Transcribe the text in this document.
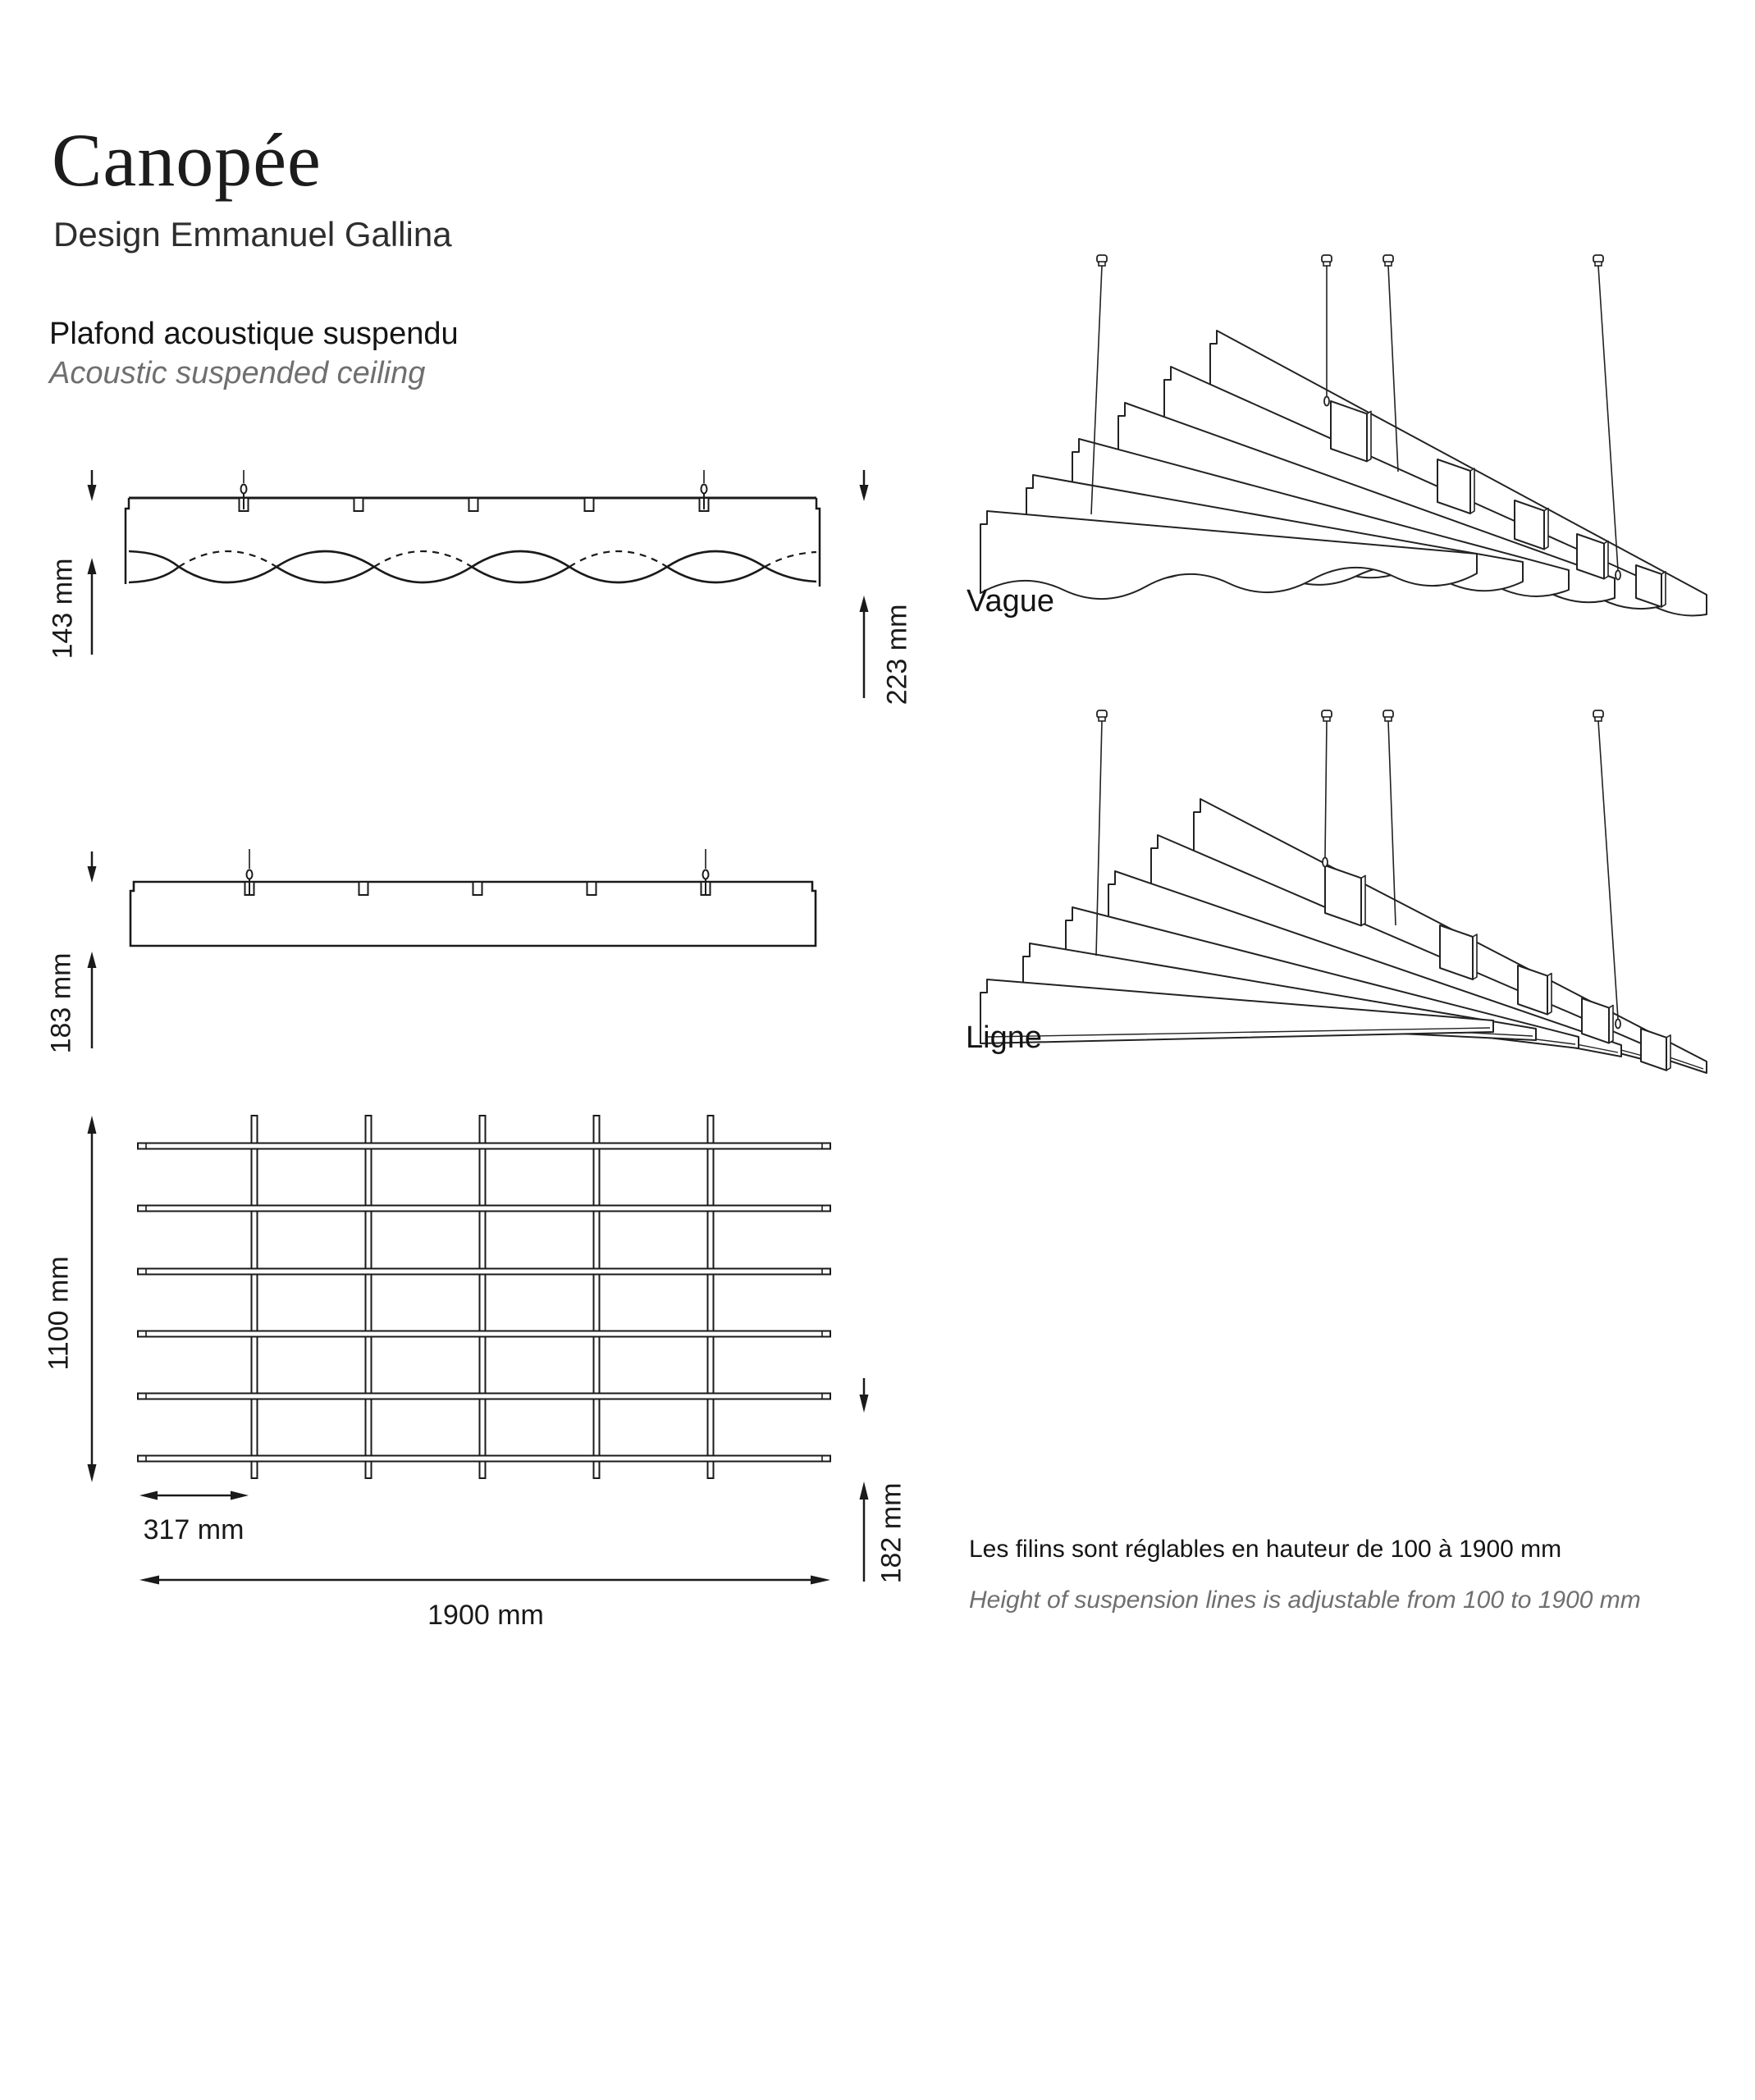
Canopée
Design Emmanuel Gallina
Plafond acoustique suspendu
Acoustic suspended ceiling
143 mm	223 mm
183 mm
1100 mm
317 mm
1900 mm
182 mm
Vague
Ligne
Les filins sont réglables en hauteur de 100 à 1900 mm
Height of suspension lines is adjustable from 100 to 1900 mm
